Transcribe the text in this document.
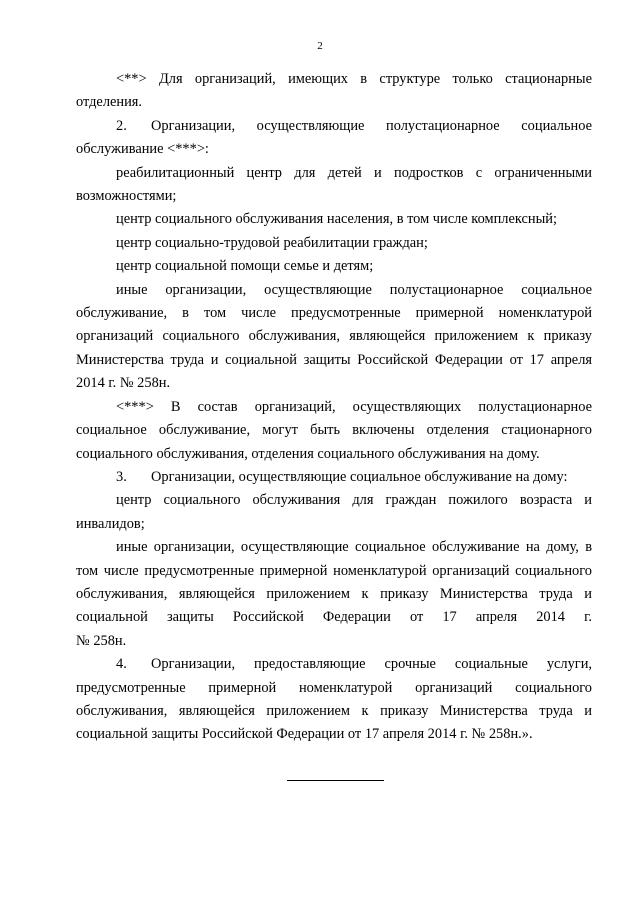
2

<**> Для организаций, имеющих в структуре только стационарные отделения.

2.	Организации, осуществляющие полустационарное социальное

обслуживание <***>:

реабилитационный центр для детей и подростков с ограниченными возможностями;

центр социального обслуживания населения, в том числе комплексный;

центр социально-трудовой реабилитации граждан;

центр социальной помощи семье и детям;

иные организации, осуществляющие полустационарное социальное обслуживание, в том числе предусмотренные примерной номенклатурой организаций социального обслуживания, являющейся приложением к приказу Министерства труда и социальной защиты Российской Федерации от 17 апреля 2014 г. № 258н.

<***> В состав организаций, осуществляющих полустационарное социальное обслуживание, могут быть включены отделения стационарного социального обслуживания, отделения социального обслуживания на дому.

3.	Организации, осуществляющие социальное обслуживание на дому:

центр социального обслуживания для граждан пожилого возраста и инвалидов;

иные организации, осуществляющие социальное обслуживание на дому, в том числе предусмотренные примерной номенклатурой организаций социального обслуживания, являющейся приложением к приказу Министерства труда и социальной защиты Российской Федерации от 17 апреля 2014 г.

№ 258н.

4.	Организации, предоставляющие срочные социальные услуги,

предусмотренные примерной номенклатурой организаций социального обслуживания, являющейся приложением к приказу Министерства труда и социальной защиты Российской Федерации от 17 апреля 2014 г. № 258н.».
